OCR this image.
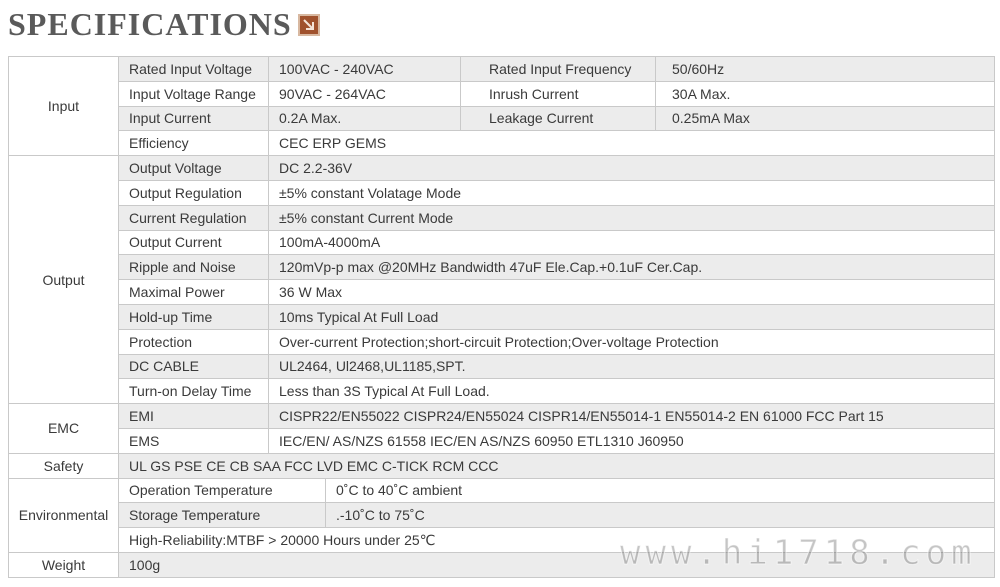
SPECIFICATIONS
Input	Rated Input Voltage	100VAC - 240VAC		Rated Input Frequency	50/60Hz
	Input Voltage Range	90VAC - 264VAC		Inrush Current	30A Max.
	Input Current	0.2A Max.		Leakage Current	0.25mA Max
	Efficiency	CEC ERP GEMS			
Output	Output Voltage	DC 2.2-36V			
	Output Regulation	±5% constant Volatage Mode			
	Current Regulation	±5% constant Current Mode			
	Output Current	100mA-4000mA			
	Ripple and Noise	120mVp-p max @20MHz Bandwidth 47uF Ele.Cap.+0.1uF Cer.Cap.			
	Maximal Power	36 W Max			
	Hold-up Time	10ms Typical At Full Load			
	Protection	Over-current Protection;short-circuit Protection;Over-voltage Protection			
	DC CABLE	UL2464, Ul2468,UL1185,SPT.			
	Turn-on Delay Time	Less than 3S Typical At Full Load.			
EMC	EMI	CISPR22/EN55022 CISPR24/EN55024 CISPR14/EN55014-1 EN55014-2 EN 61000 FCC Part 15			
	EMS	IEC/EN/ AS/NZS 61558 IEC/EN AS/NZS 60950 ETL1310 J60950			
Safety	UL GS PSE CE CB SAA FCC LVD EMC C-TICK RCM CCC				
Environmental	Operation Temperature		0˚C to 40˚C ambient		
	Storage Temperature		.-10˚C to 75˚C		
	High-Reliability:MTBF > 20000 Hours under 25℃				
Weight	100g					www.hi1718.com
